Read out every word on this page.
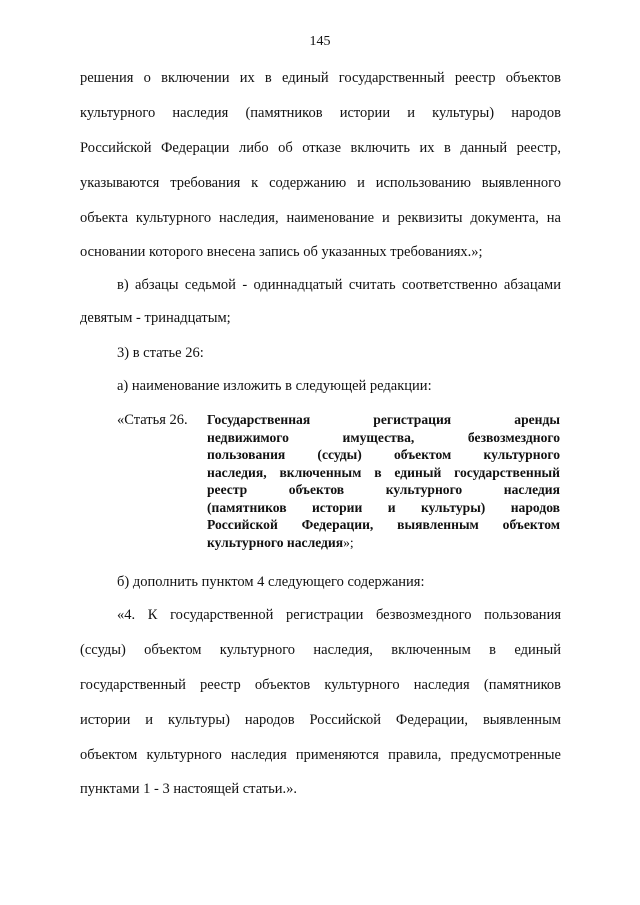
145
решения о включении их в единый государственный реестр объектов
культурного наследия (памятников истории и культуры) народов
Российской Федерации либо об отказе включить их в данный реестр,
указываются требования к содержанию и использованию выявленного
объекта культурного наследия, наименование и реквизиты документа, на
основании которого внесена запись об указанных требованиях.»;
в) абзацы седьмой - одиннадцатый считать соответственно абзацами
девятым - тринадцатым;
3) в статье 26:
а) наименование изложить в следующей редакции:
«Статья 26. Государственная регистрация аренды
недвижимого имущества, безвозмездного
пользования (ссуды) объектом культурного
наследия, включенным в единый государственный
реестр объектов культурного наследия
(памятников истории и культуры) народов
Российской Федерации, выявленным объектом
культурного наследия»;
б) дополнить пунктом 4 следующего содержания:
«4. К государственной регистрации безвозмездного пользования
(ссуды) объектом культурного наследия, включенным в единый
государственный реестр объектов культурного наследия (памятников
истории и культуры) народов Российской Федерации, выявленным
объектом культурного наследия применяются правила, предусмотренные
пунктами 1 - 3 настоящей статьи.».
